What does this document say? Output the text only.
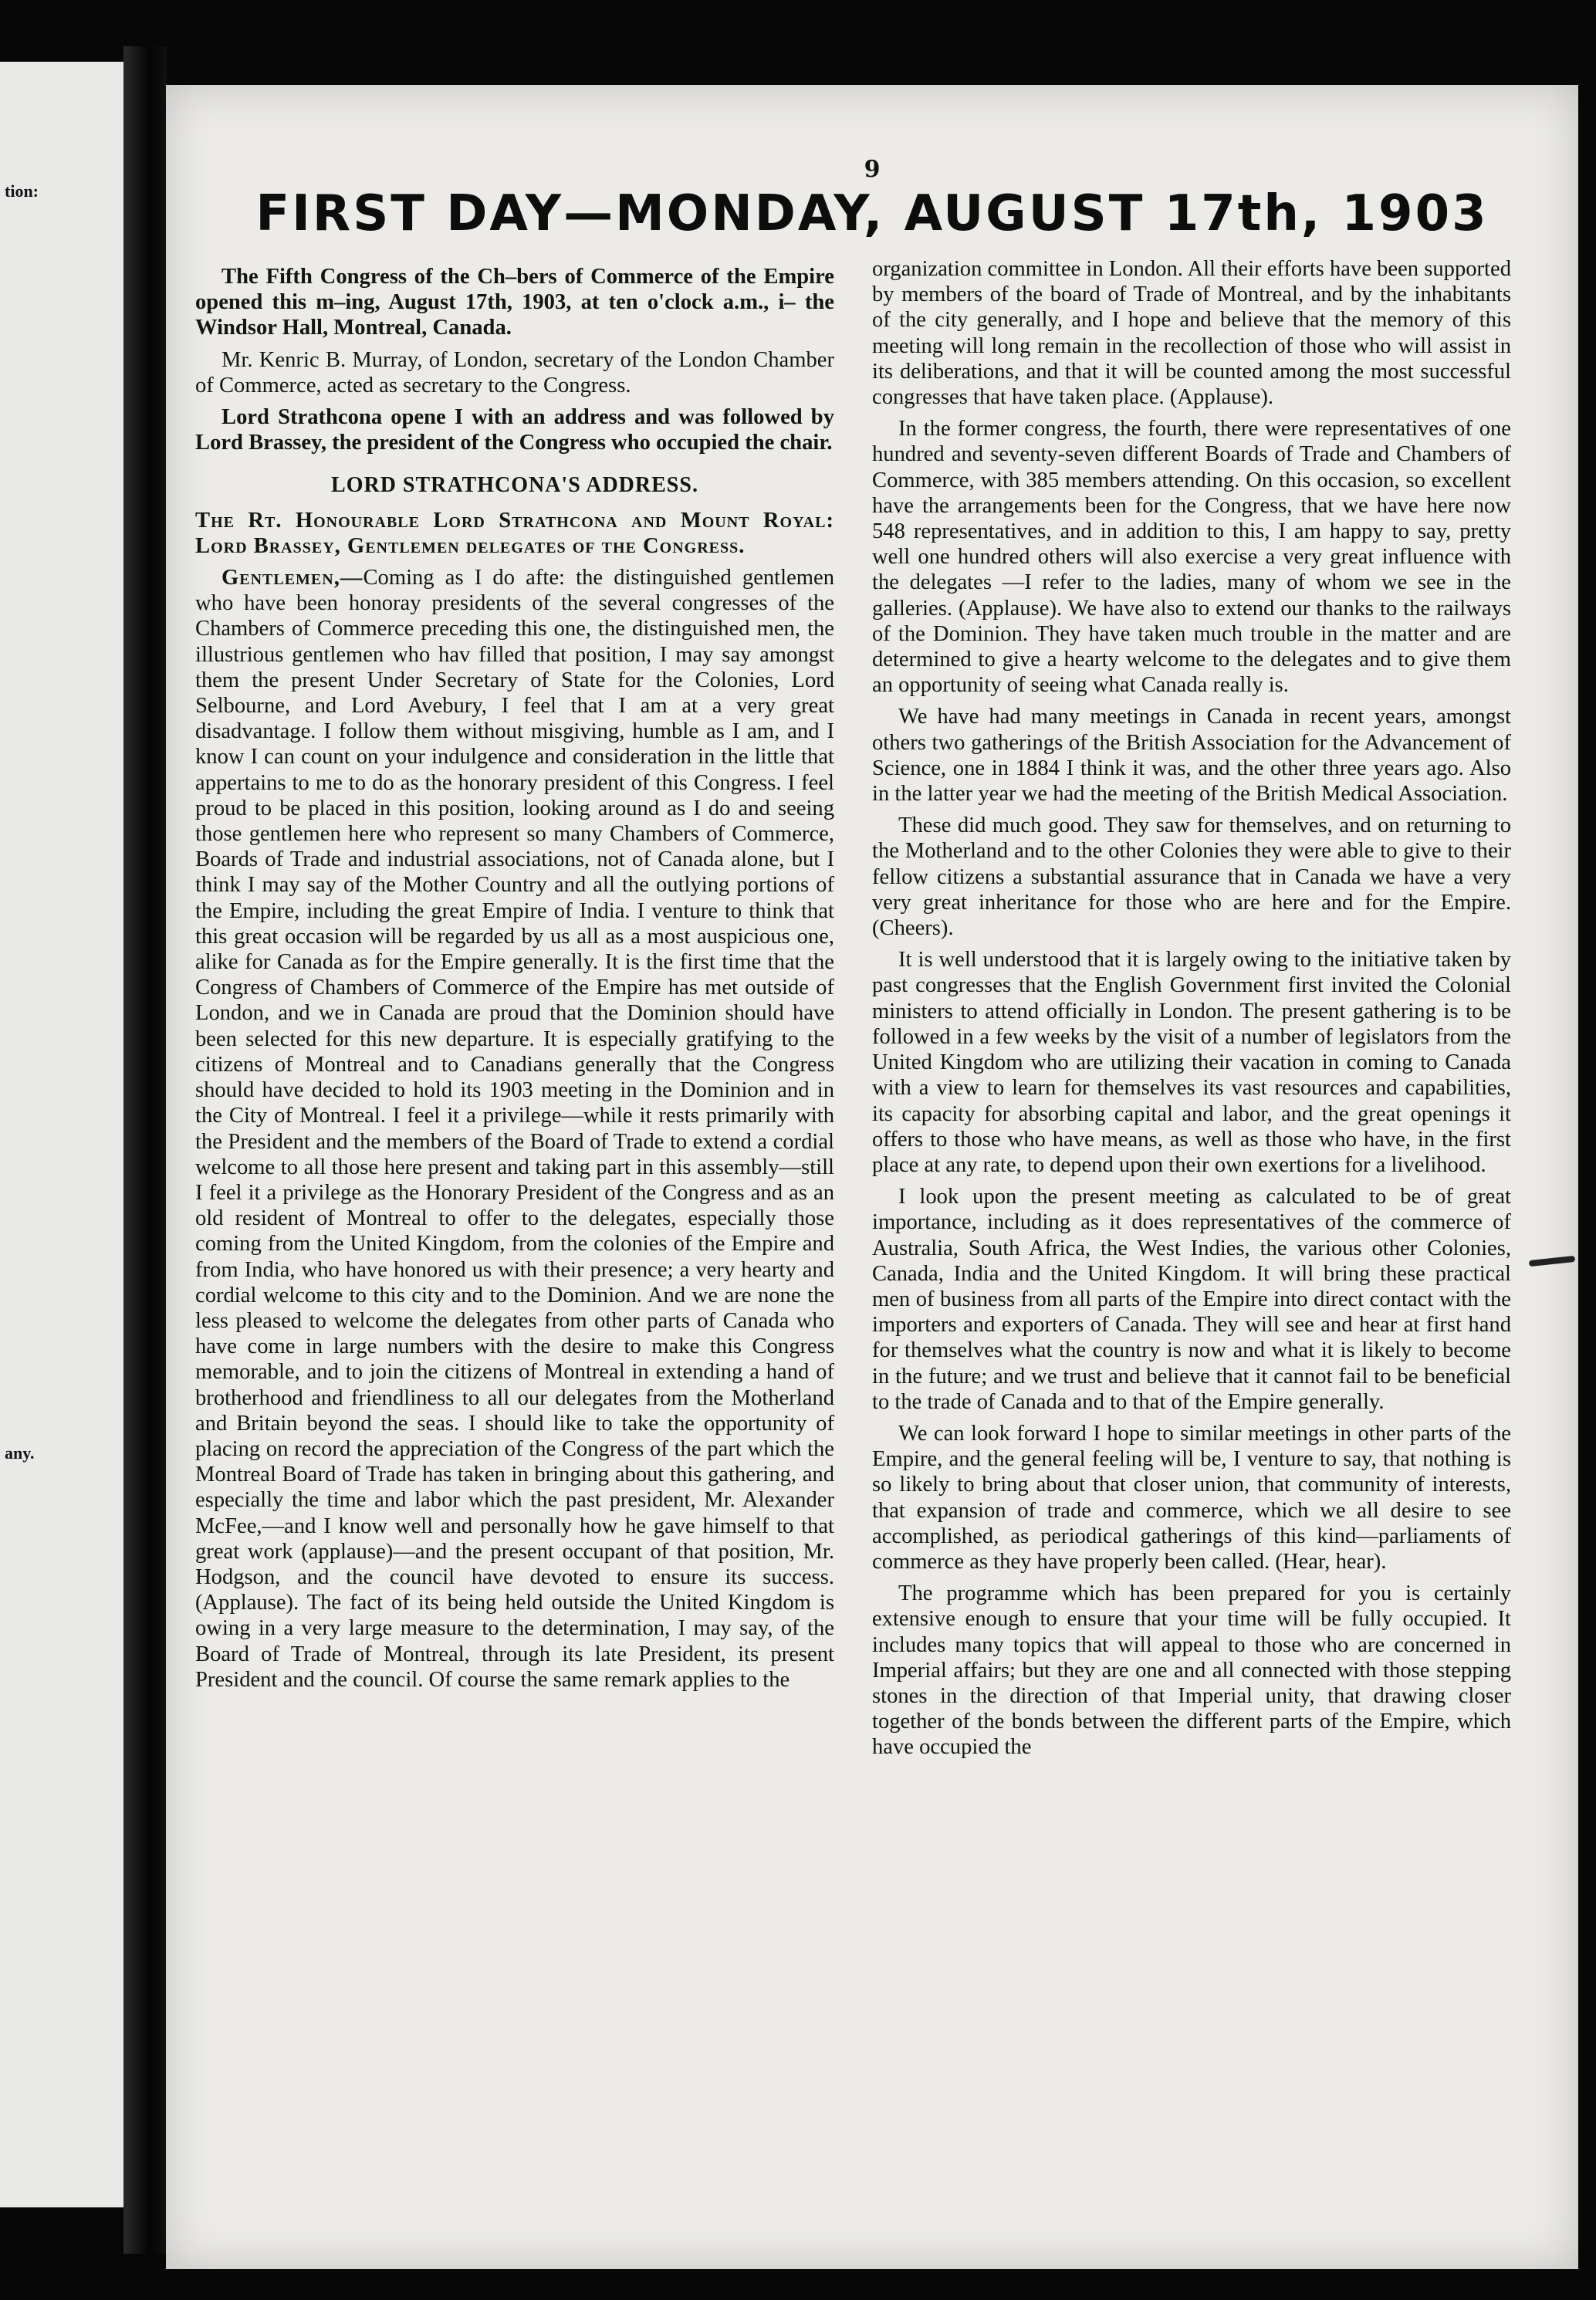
tion:
any.
9
FIRST DAY—MONDAY, AUGUST 17th, 1903

The Fifth Congress of the Ch–bers of Commerce of the Empire opened this m–ing, August 17th, 1903, at ten o'clock a.m., i– the Windsor Hall, Montreal, Canada.

Mr. Kenric B. Murray, of London, secretary of the London Chamber of Commerce, acted as secretary to the Congress.

Lord Strathcona opene I with an address and was followed by Lord Brassey, the president of the Congress who occupied the chair.

LORD STRATHCONA'S ADDRESS.

The Rt. Honourable Lord Strathcona and Mount Royal: Lord Brassey, Gentlemen delegates of the Congress.

Gentlemen,—Coming as I do afte: the distinguished gentlemen who have been honoray presidents of the several congresses of the Chambers of Commerce preceding this one, the distinguished men, the illustrious gentlemen who hav filled that position, I may say amongst them the present Under Secretary of State for the Colonies, Lord Selbourne, and Lord Avebury, I feel that I am at a very great disadvantage. I follow them without misgiving, humble as I am, and I know I can count on your indulgence and consideration in the little that appertains to me to do as the honorary president of this Congress. I feel proud to be placed in this position, looking around as I do and seeing those gentlemen here who represent so many Chambers of Commerce, Boards of Trade and industrial associations, not of Canada alone, but I think I may say of the Mother Country and all the outlying portions of the Empire, including the great Empire of India. I venture to think that this great occasion will be regarded by us all as a most auspicious one, alike for Canada as for the Empire generally. It is the first time that the Congress of Chambers of Commerce of the Empire has met outside of London, and we in Canada are proud that the Dominion should have been selected for this new departure. It is especially gratifying to the citizens of Montreal and to Canadians generally that the Congress should have decided to hold its 1903 meeting in the Dominion and in the City of Montreal. I feel it a privilege—while it rests primarily with the President and the members of the Board of Trade to extend a cordial welcome to all those here present and taking part in this assembly—still I feel it a privilege as the Honorary President of the Congress and as an old resident of Montreal to offer to the delegates, especially those coming from the United Kingdom, from the colonies of the Empire and from India, who have honored us with their presence; a very hearty and cordial welcome to this city and to the Dominion. And we are none the less pleased to welcome the delegates from other parts of Canada who have come in large numbers with the desire to make this Congress memorable, and to join the citizens of Montreal in extending a hand of brotherhood and friendliness to all our delegates from the Motherland and Britain beyond the seas. I should like to take the opportunity of placing on record the appreciation of the Congress of the part which the Montreal Board of Trade has taken in bringing about this gathering, and especially the time and labor which the past president, Mr. Alexander McFee,—and I know well and personally how he gave himself to that great work (applause)—and the present occupant of that position, Mr. Hodgson, and the council have devoted to ensure its success. (Applause). The fact of its being held outside the United Kingdom is owing in a very large measure to the determination, I may say, of the Board of Trade of Montreal, through its late President, its present President and the council. Of course the same remark applies to the

organization committee in London. All their efforts have been supported by members of the board of Trade of Montreal, and by the inhabitants of the city generally, and I hope and believe that the memory of this meeting will long remain in the recollection of those who will assist in its deliberations, and that it will be counted among the most successful congresses that have taken place. (Applause).

In the former congress, the fourth, there were representatives of one hundred and seventy-seven different Boards of Trade and Chambers of Commerce, with 385 members attending. On this occasion, so excellent have the arrangements been for the Congress, that we have here now 548 representatives, and in addition to this, I am happy to say, pretty well one hundred others will also exercise a very great influence with the delegates —I refer to the ladies, many of whom we see in the galleries. (Applause). We have also to extend our thanks to the railways of the Dominion. They have taken much trouble in the matter and are determined to give a hearty welcome to the delegates and to give them an opportunity of seeing what Canada really is.

We have had many meetings in Canada in recent years, amongst others two gatherings of the British Association for the Advancement of Science, one in 1884 I think it was, and the other three years ago. Also in the latter year we had the meeting of the British Medical Association.

These did much good. They saw for themselves, and on returning to the Motherland and to the other Colonies they were able to give to their fellow citizens a substantial assurance that in Canada we have a very very great inheritance for those who are here and for the Empire. (Cheers).

It is well understood that it is largely owing to the initiative taken by past congresses that the English Government first invited the Colonial ministers to attend officially in London. The present gathering is to be followed in a few weeks by the visit of a number of legislators from the United Kingdom who are utilizing their vacation in coming to Canada with a view to learn for themselves its vast resources and capabilities, its capacity for absorbing capital and labor, and the great openings it offers to those who have means, as well as those who have, in the first place at any rate, to depend upon their own exertions for a livelihood.

I look upon the present meeting as calculated to be of great importance, including as it does representatives of the commerce of Australia, South Africa, the West Indies, the various other Colonies, Canada, India and the United Kingdom. It will bring these practical men of business from all parts of the Empire into direct contact with the importers and exporters of Canada. They will see and hear at first hand for themselves what the country is now and what it is likely to become in the future; and we trust and believe that it cannot fail to be beneficial to the trade of Canada and to that of the Empire generally.

We can look forward I hope to similar meetings in other parts of the Empire, and the general feeling will be, I venture to say, that nothing is so likely to bring about that closer union, that community of interests, that expansion of trade and commerce, which we all desire to see accomplished, as periodical gatherings of this kind—parliaments of commerce as they have properly been called. (Hear, hear).

The programme which has been prepared for you is certainly extensive enough to ensure that your time will be fully occupied. It includes many topics that will appeal to those who are concerned in Imperial affairs; but they are one and all connected with those stepping stones in the direction of that Imperial unity, that drawing closer together of the bonds between the different parts of the Empire, which have occupied the
